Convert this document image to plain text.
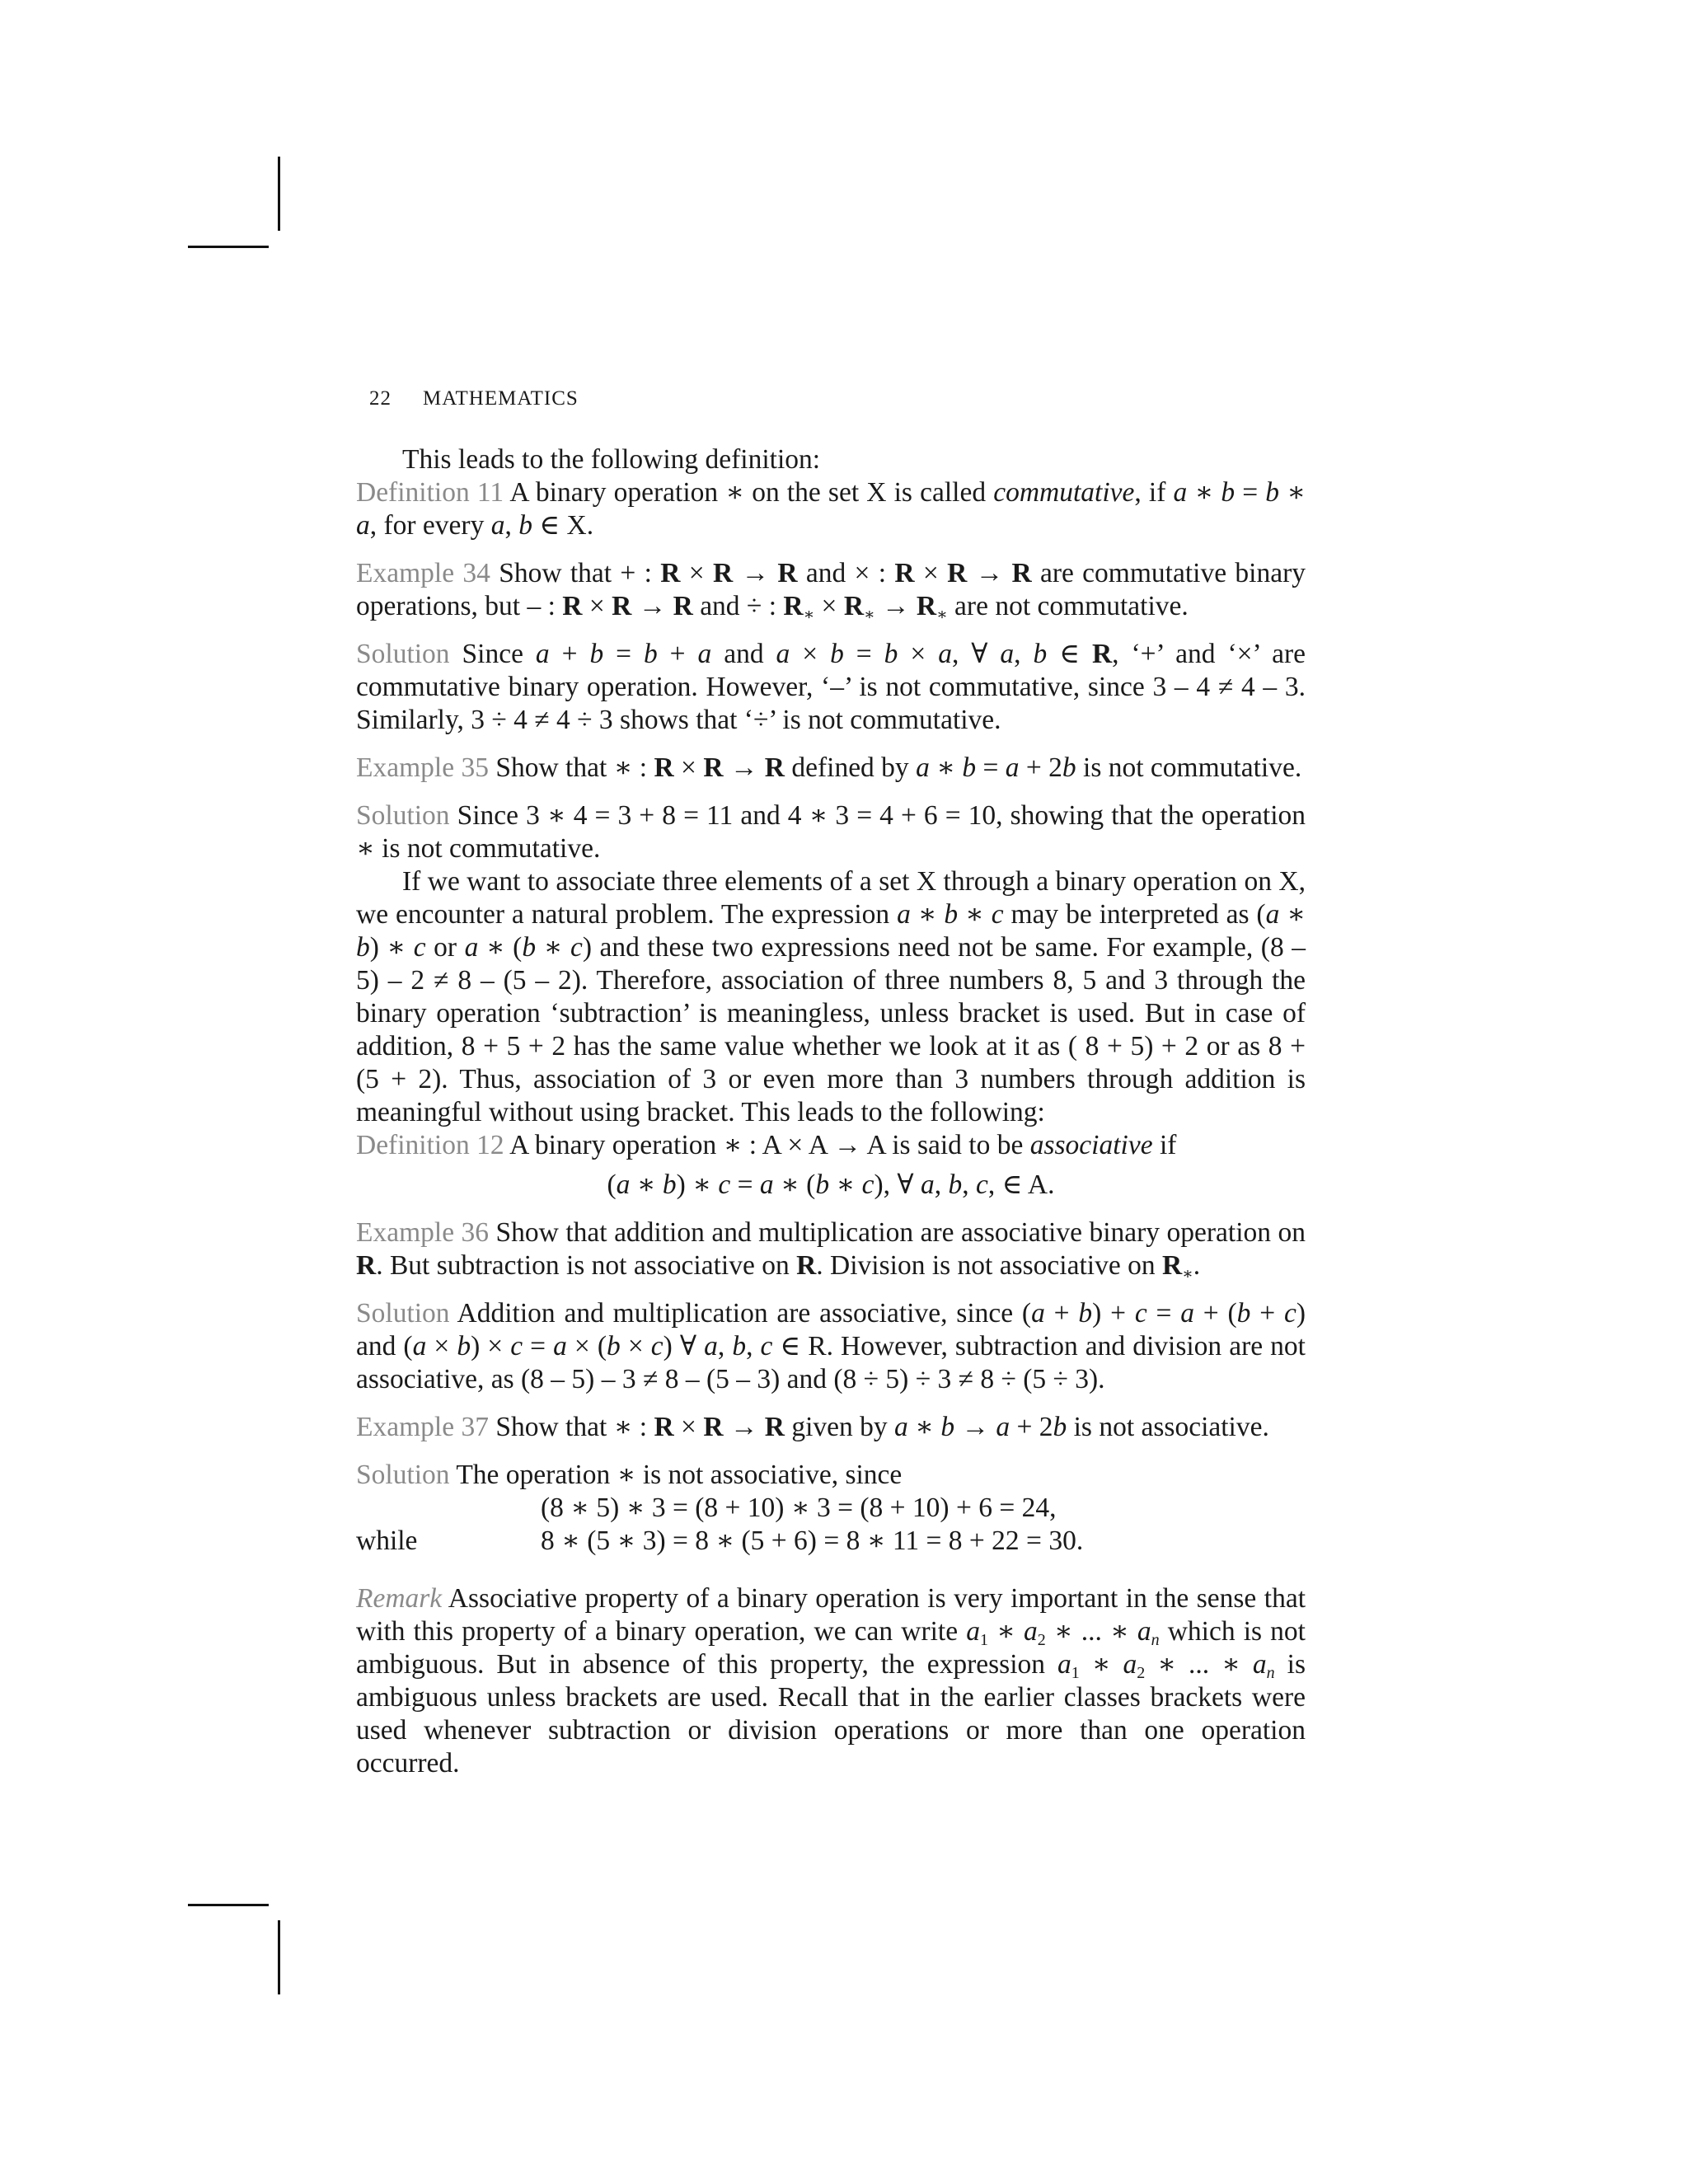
22 MATHEMATICS

This leads to the following definition:

Definition 11 A binary operation ∗ on the set X is called commutative, if a ∗ b = b ∗ a, for every a, b ∈ X.

Example 34 Show that + : R × R → R and × : R × R → R are commutative binary operations, but – : R × R → R and ÷ : $R_∗ \times R_∗ \to R_∗$ are not commutative.

Solution Since a + b = b + a and a × b = b × a, ∀ a, b ∈ R, ‘+’ and ‘×’ are commutative binary operation. However, ‘–’ is not commutative, since 3 – 4 ≠ 4 – 3. Similarly, 3 ÷ 4 ≠ 4 ÷ 3 shows that ‘÷’ is not commutative.

Example 35 Show that ∗ : R × R → R defined by a ∗ b = a + 2b is not commutative.

Solution Since 3 ∗ 4 = 3 + 8 = 11 and 4 ∗ 3 = 4 + 6 = 10, showing that the operation ∗ is not commutative.

If we want to associate three elements of a set X through a binary operation on X, we encounter a natural problem. The expression a ∗ b ∗ c may be interpreted as (a ∗ b) ∗ c or a ∗ (b ∗ c) and these two expressions need not be same. For example, (8 – 5) – 2 ≠ 8 – (5 – 2). Therefore, association of three numbers 8, 5 and 3 through the binary operation ‘subtraction’ is meaningless, unless bracket is used. But in case of addition, 8 + 5 + 2 has the same value whether we look at it as ( 8 + 5) + 2 or as 8 + (5 + 2). Thus, association of 3 or even more than 3 numbers through addition is meaningful without using bracket. This leads to the following:

Definition 12 A binary operation ∗ : A × A → A is said to be associative if

(a ∗ b) ∗ c = a ∗ (b ∗ c), ∀ a, b, c, ∈ A.

Example 36 Show that addition and multiplication are associative binary operation on R. But subtraction is not associative on R. Division is not associative on $R_∗$.

Solution Addition and multiplication are associative, since (a + b) + c = a + (b + c) and (a × b) × c = a × (b × c) ∀ a, b, c ∈ R. However, subtraction and division are not associative, as (8 – 5) – 3 ≠ 8 – (5 – 3) and (8 ÷ 5) ÷ 3 ≠ 8 ÷ (5 ÷ 3).

Example 37 Show that ∗ : R × R → R given by a ∗ b → a + 2b is not associative.

Solution The operation ∗ is not associative, since

(8 ∗ 5) ∗ 3 = (8 + 10) ∗ 3 = (8 + 10) + 6 = 24,
while	8 ∗ (5 ∗ 3) = 8 ∗ (5 + 6) = 8 ∗ 11 = 8 + 22 = 30.

Remark Associative property of a binary operation is very important in the sense that with this property of a binary operation, we can write $a_1$ ∗ $a_2$ ∗ ... ∗ $a_n$ which is not ambiguous. But in absence of this property, the expression $a_1$ ∗ $a_2$ ∗ ... ∗ $a_n$ is ambiguous unless brackets are used. Recall that in the earlier classes brackets were used whenever subtraction or division operations or more than one operation occurred.
